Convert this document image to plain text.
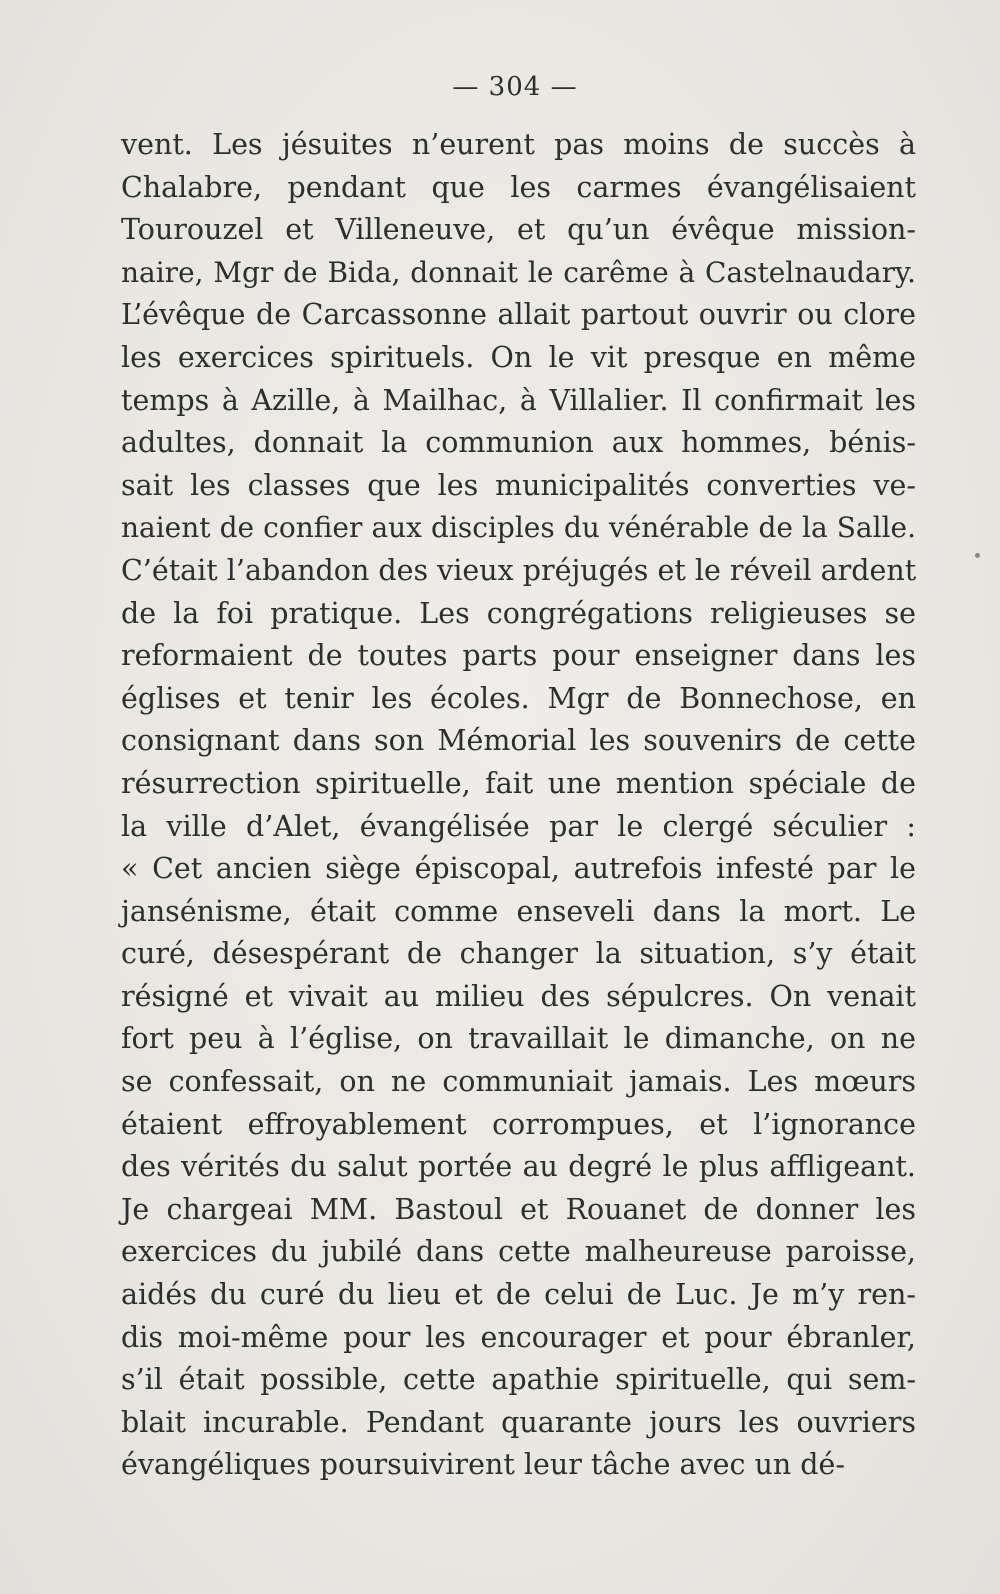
— 304 —
vent. Les jésuites n’eurent pas moins de succès à
Chalabre, pendant que les carmes évangélisaient
Tourouzel et Villeneuve, et qu’un évêque mission-
naire, Mgr de Bida, donnait le carême à Castelnaudary.
L’évêque de Carcassonne allait partout ouvrir ou clore
les exercices spirituels. On le vit presque en même
temps à Azille, à Mailhac, à Villalier. Il confirmait les
adultes, donnait la communion aux hommes, bénis-
sait les classes que les municipalités converties ve-
naient de confier aux disciples du vénérable de la Salle.
C’était l’abandon des vieux préjugés et le réveil ardent
de la foi pratique. Les congrégations religieuses se
reformaient de toutes parts pour enseigner dans les
églises et tenir les écoles. Mgr de Bonnechose, en
consignant dans son Mémorial les souvenirs de cette
résurrection spirituelle, fait une mention spéciale de
la ville d’Alet, évangélisée par le clergé séculier :
« Cet ancien siège épiscopal, autrefois infesté par le
jansénisme, était comme enseveli dans la mort. Le
curé, désespérant de changer la situation, s’y était
résigné et vivait au milieu des sépulcres. On venait
fort peu à l’église, on travaillait le dimanche, on ne
se confessait, on ne communiait jamais. Les mœurs
étaient effroyablement corrompues, et l’ignorance
des vérités du salut portée au degré le plus affligeant.
Je chargeai MM. Bastoul et Rouanet de donner les
exercices du jubilé dans cette malheureuse paroisse,
aidés du curé du lieu et de celui de Luc. Je m’y ren-
dis moi-même pour les encourager et pour ébranler,
s’il était possible, cette apathie spirituelle, qui sem-
blait incurable. Pendant quarante jours les ouvriers
évangéliques poursuivirent leur tâche avec un dé-
